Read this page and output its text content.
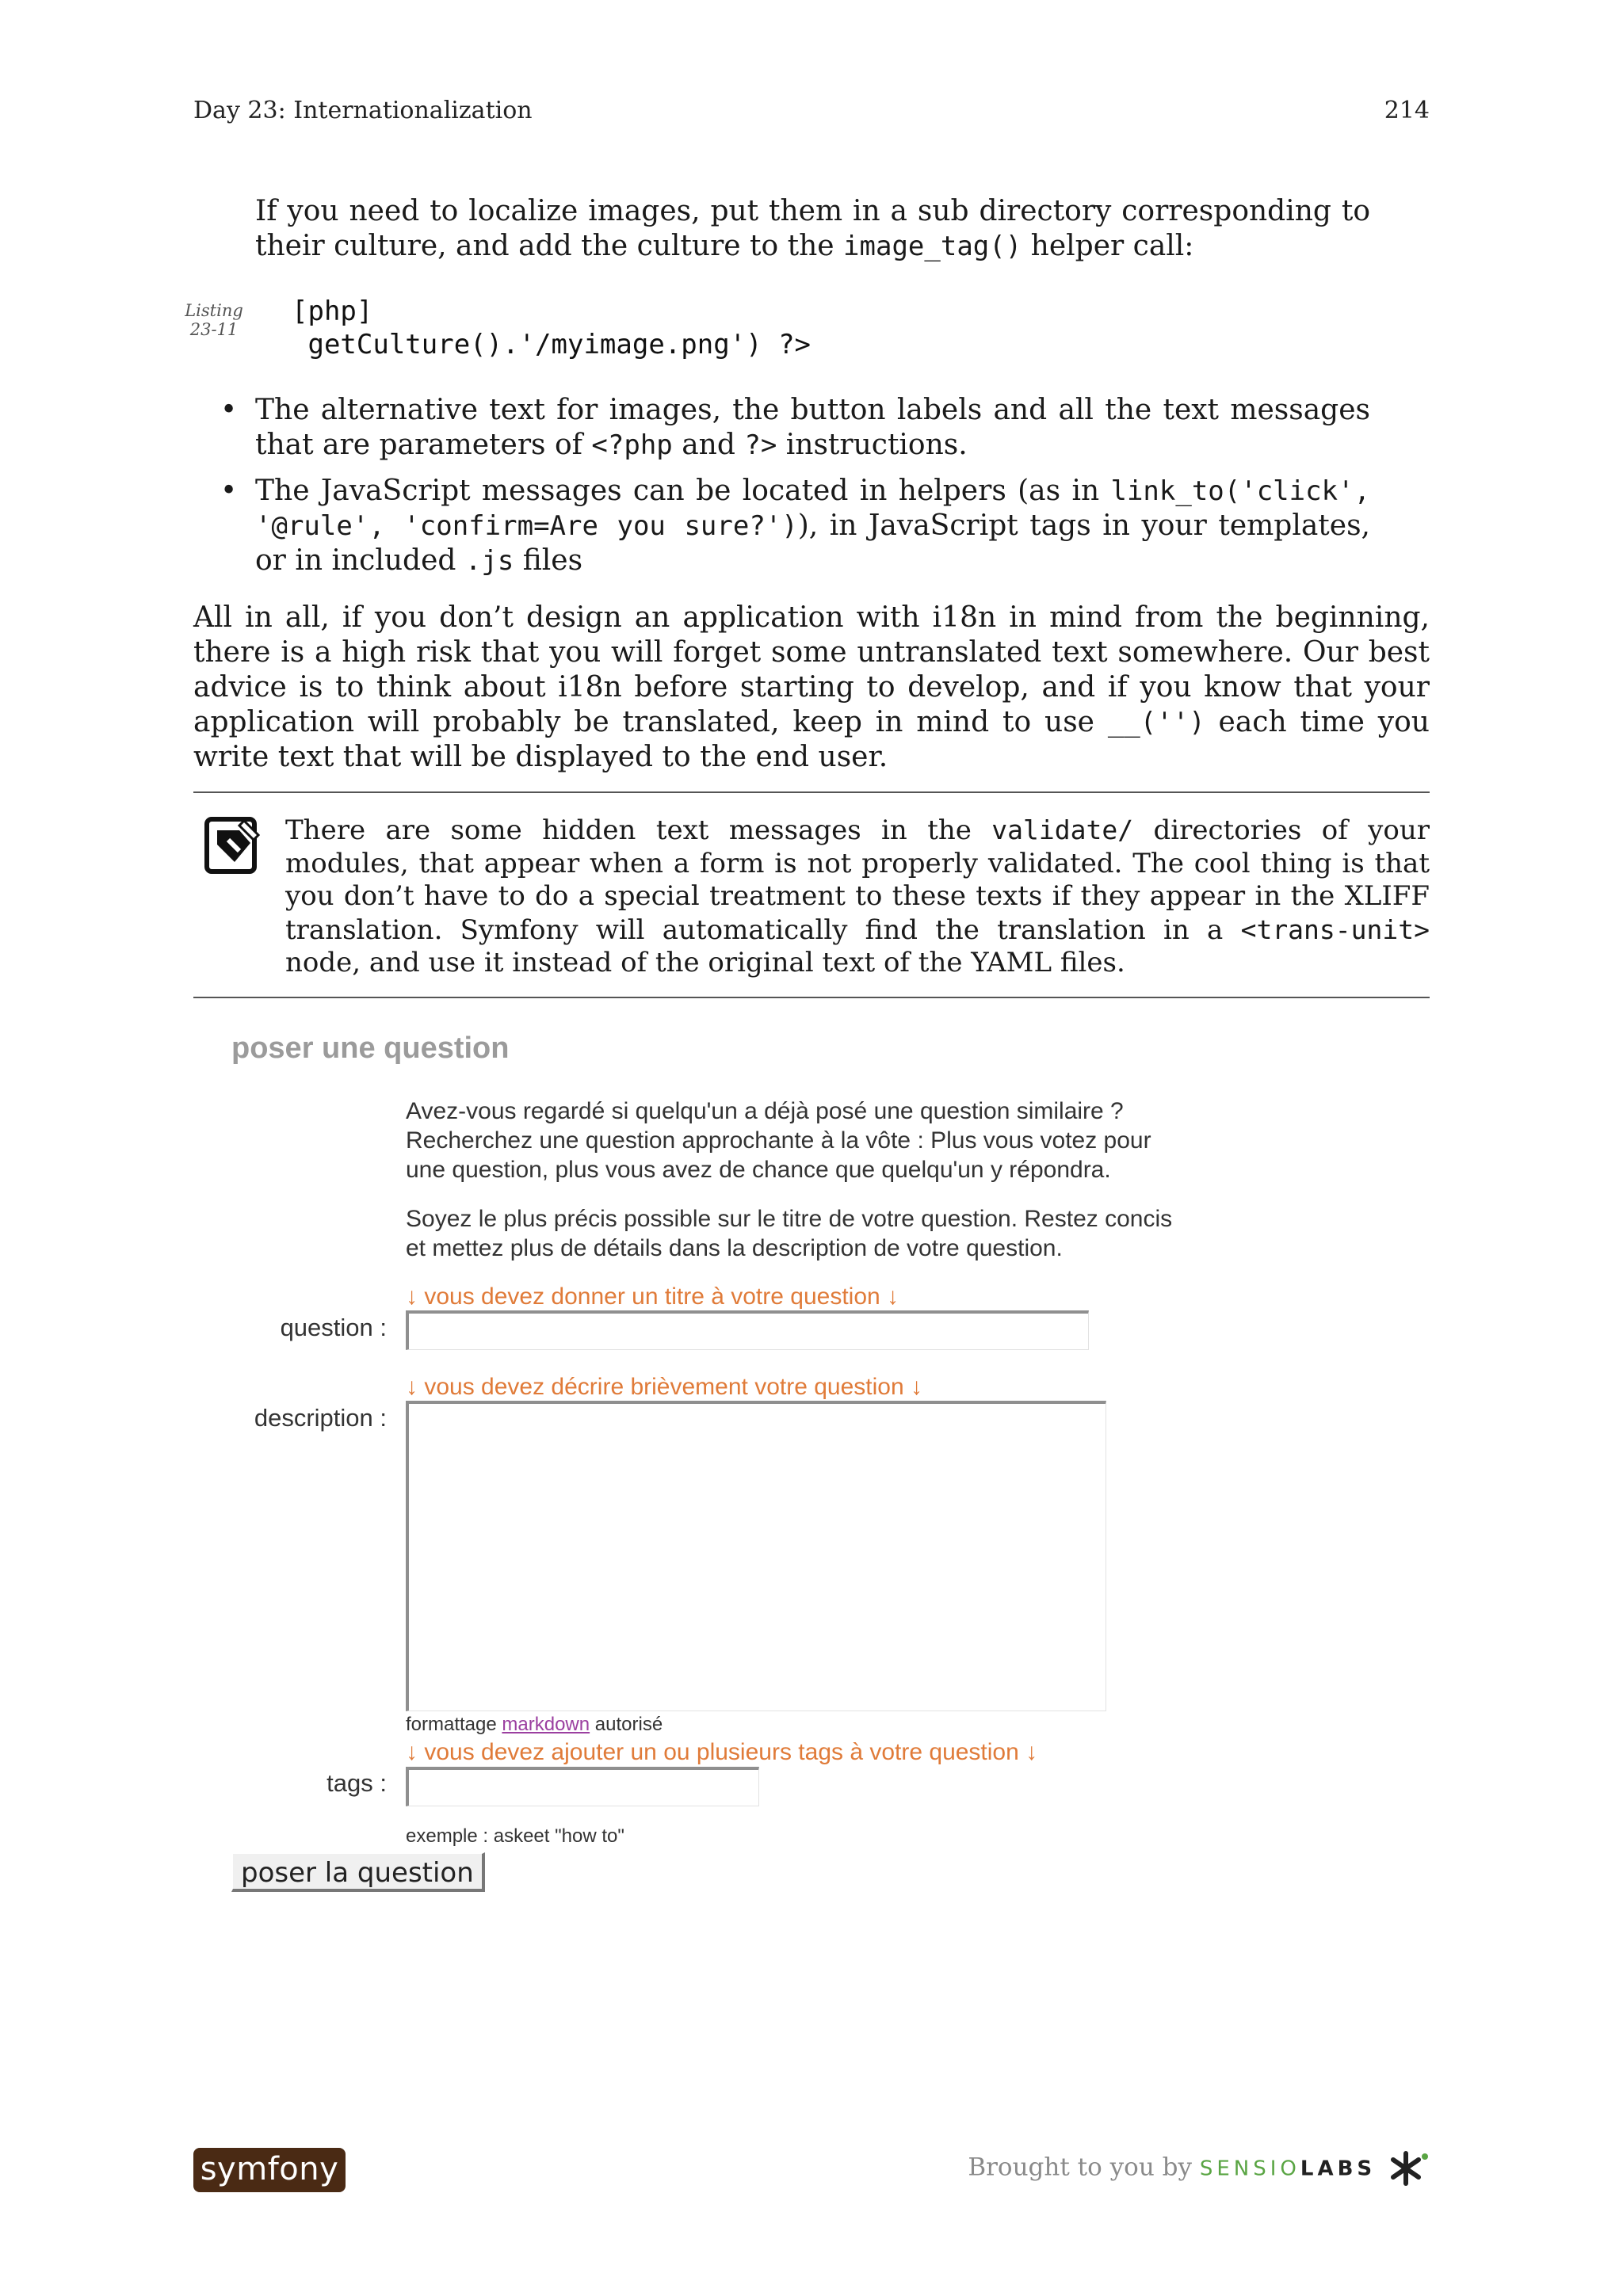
Day 23: Internationalization	214
If you need to localize images, put them in a sub directory corresponding to their culture, and add the culture to the image_tag() helper call:
Listing
23-11
[php]
getCulture().'/myimage.png') ?>
• The alternative text for images, the button labels and all the text messages that are parameters of <?php and ?> instructions.
• The JavaScript messages can be located in helpers (as in link_to('click', '@rule', 'confirm=Are you sure?')), in JavaScript tags in your templates, or in included .js files
All in all, if you don’t design an application with i18n in mind from the beginning, there is a high risk that you will forget some untranslated text somewhere. Our best advice is to think about i18n before starting to develop, and if you know that your application will probably be translated, keep in mind to use __('') each time you write text that will be displayed to the end user.
There are some hidden text messages in the validate/ directories of your modules, that appear when a form is not properly validated. The cool thing is that you don’t have to do a special treatment to these texts if they appear in the XLIFF translation. Symfony will automatically find the translation in a <trans-unit> node, and use it instead of the original text of the YAML files.
poser une question
Avez-vous regardé si quelqu'un a déjà posé une question similaire ?
Recherchez une question approchante à la vôte : Plus vous votez pour
une question, plus vous avez de chance que quelqu'un y répondra.
Soyez le plus précis possible sur le titre de votre question. Restez concis
et mettez plus de détails dans la description de votre question.
↓ vous devez donner un titre à votre question ↓
question :
↓ vous devez décrire brièvement votre question ↓
description :
formattage markdown autorisé
↓ vous devez ajouter un ou plusieurs tags à votre question ↓
tags :
exemple : askeet "how to"
poser la question
symfony	Brought to you by SENSIOLABS
